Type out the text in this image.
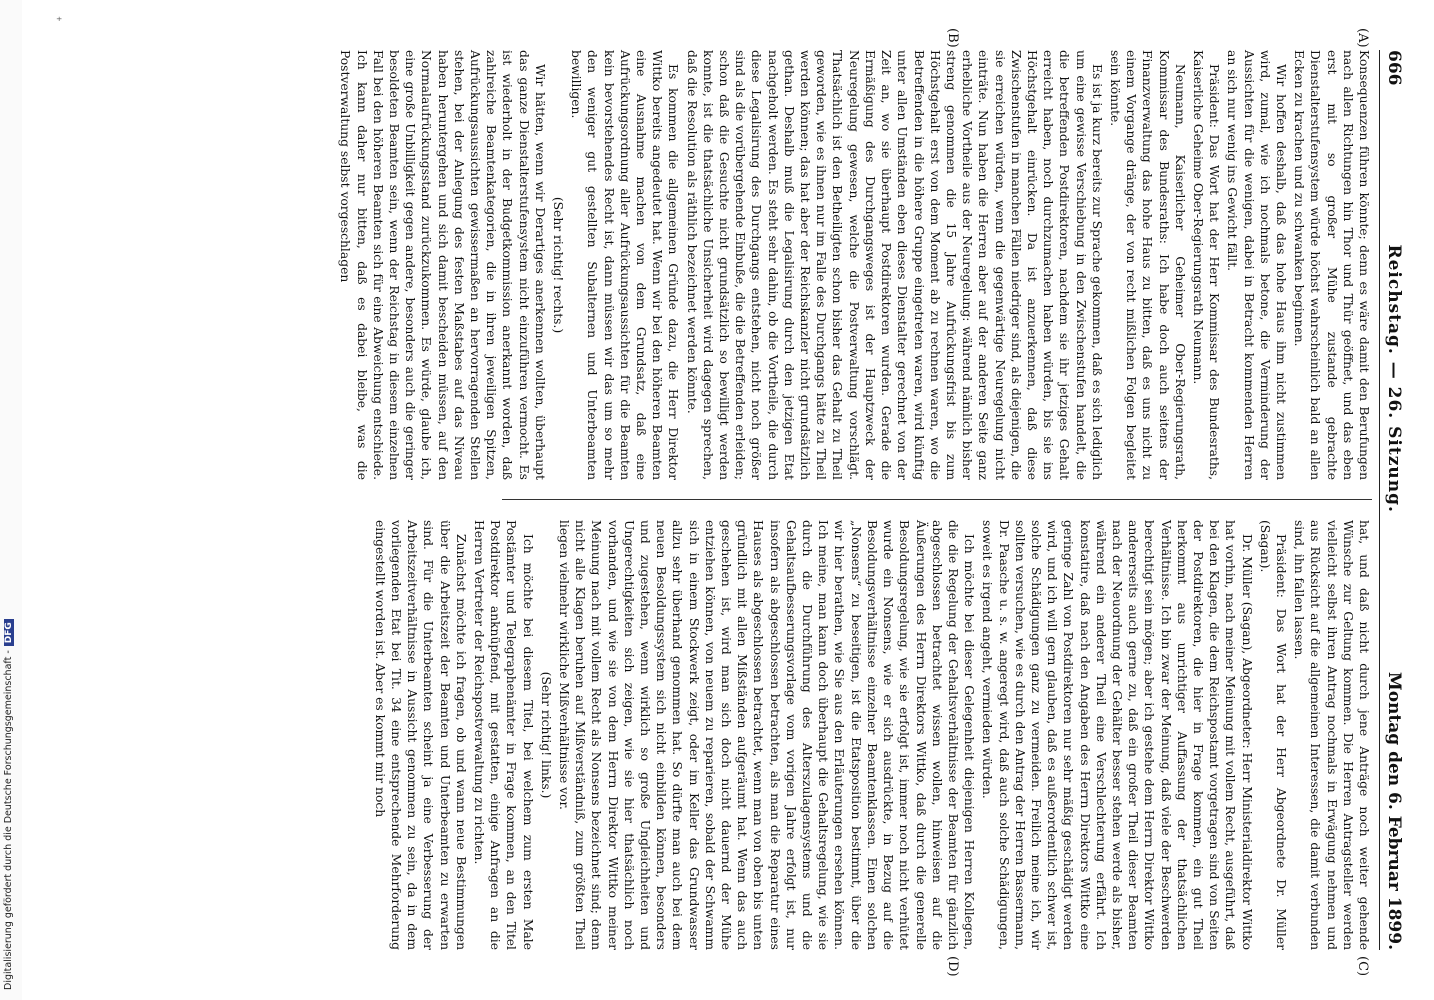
Digitalisierung gefördert durch die Deutsche Forschungsgemeinschaft -DFG
⁺
666
Reichstag. — 26. Sitzung.
Montag den 6. Februar 1899.
(A)
(B)
(C)
(D)

Konsequenzen führen könnte; denn es wäre damit den Berufungen nach allen Richtungen hin Thor und Thür geöffnet, und das eben erst mit so großer Mühe zustande gebrachte Dienstalterstufensystem würde höchst wahrscheinlich bald an allen Ecken zu krachen und zu schwanken beginnen.

Wir hoffen deshalb, daß das hohe Haus ihm nicht zustimmen wird, zumal, wie ich nochmals betone, die Verminderung der Aussichten für die wenigen, dabei in Betracht kommenden Herren an sich nur wenig ins Gewicht fällt.

Präsident: Das Wort hat der Herr Kommissar des Bundesraths, Kaiserliche Geheime Ober-Regierungsrath Neumann.

Neumann, Kaiserlicher Geheimer Ober-Regierungsrath, Kommissar des Bundesraths: Ich habe doch auch seitens der Finanzverwaltung das hohe Haus zu bitten, daß es uns nicht zu einem Vorgange dränge, der von recht mißlichen Folgen begleitet sein könnte.

Es ist ja kurz bereits zur Sprache gekommen, daß es sich lediglich um eine gewisse Verschiebung in den Zwischenstufen handelt, die die betreffenden Postdirektoren, nachdem sie ihr jetziges Gehalt erreicht haben, noch durchzumachen haben würden, bis sie ins Höchstgehalt einrücken. Da ist anzuerkennen, daß diese Zwischenstufen in manchen Fällen niedriger sind, als diejenigen, die sie erreichen würden, wenn die gegenwärtige Neuregelung nicht einträte. Nun haben die Herren aber auf der anderen Seite ganz erhebliche Vortheile aus der Neuregelung: während nämlich bisher streng genommen die 15 Jahre Aufrückungsfrist bis zum Höchstgehalt erst von dem Moment ab zu rechnen waren, wo die Betreffenden in die höhere Gruppe eingetreten waren, wird künftig unter allen Umständen eben dieses Dienstalter gerechnet von der Zeit an, wo sie überhaupt Postdirektoren wurden. Gerade die Ermäßigung des Durchgangsweges ist der Hauptzweck der Neuregelung gewesen, welche die Postverwaltung vorschlägt. Thatsächlich ist den Betheiligten schon bisher das Gehalt zu Theil geworden, wie es ihnen nur im Falle des Durchgangs hätte zu Theil werden können; das hat aber der Reichskanzler nicht grundsätzlich gethan. Deshalb muß die Legalisirung durch den jetzigen Etat nachgeholt werden. Es steht sehr dahin, ob die Vortheile, die durch diese Legalisirung des Durchgangs entstehen, nicht noch größer sind als die vorübergehende Einbuße, die die Betreffenden erleiden; schon daß die Gesuchte nicht grundsätzlich so bewilligt werden konnte, ist die thatsächliche Unsicherheit wird dagegen sprechen, daß die Resolution als räthlich bezeichnet werden könnte.

Es kommen die allgemeinen Gründe dazu, die Herr Direktor Wittko bereits angedeutet hat. Wenn wir bei den höheren Beamten eine Ausnahme machen von dem Grundsatz, daß eine Aufrückungsordnung aller Aufrückungsaussichten für die Beamten kein bevorstehendes Recht ist, dann müssen wir das um so mehr den weniger gut gestellten Subalternen und Unterbeamten bewilligen.

(Sehr richtig! rechts.)

Wir hätten, wenn wir Derartiges anerkennen wollten, überhaupt das ganze Dienstalterstufensystem nicht einzuführen vermocht. Es ist wiederholt in der Budgetkommission anerkannt worden, daß zahlreiche Beamtenkategorien, die in ihren jeweiligen Spitzen, Aufrückungsaussichten gewissermaßen an hervorragenden Stellen stehen, bei der Anlegung des festen Maßstabes auf das Niveau haben heruntergehen und sich damit bescheiden müssen, auf den Normalaufrückungsstand zurückzukommen. Es würde, glaube ich, eine große Unbilligkeit gegen andere, besonders auch die geringer besoldeten Beamten sein, wenn der Reichstag in diesem einzelnen Fall bei den höheren Beamten sich für eine Abweichung entschiede. Ich kann daher nur bitten, daß es dabei bleibe, was die Postverwaltung selbst vorgeschlagen

hat, und daß nicht durch jene Anträge noch weiter gehende Wünsche zur Geltung kommen. Die Herren Antragsteller werden vielleicht selbst ihren Antrag nochmals in Erwägung nehmen und aus Rücksicht auf die allgemeinen Interessen, die damit verbunden sind, ihn fallen lassen.

Präsident: Das Wort hat der Herr Abgeordnete Dr. Müller (Sagan).

Dr. Müller (Sagan), Abgeordneter: Herr Ministerialdirektor Wittko hat vorhin, nach meiner Meinung mit vollem Recht, ausgeführt, daß bei den Klagen, die dem Reichspostamt vorgetragen sind von Seiten der Postdirektoren, die hier in Frage kommen, ein gut Theil herkommt aus unrichtiger Auffassung der thatsächlichen Verhältnisse. Ich bin zwar der Meinung, daß viele der Beschwerden berechtigt sein mögen; aber ich gestehe dem Herrn Direktor Wittko andererseits auch gerne zu, daß ein großer Theil dieser Beamten nach der Neuordnung der Gehälter besser stehen werde als bisher, während ein anderer Theil eine Verschlechterung erfährt. Ich konstatire, daß nach den Angaben des Herrn Direktors Wittko eine geringe Zahl von Postdirektoren nur sehr mäßig geschädigt werden wird, und ich will gern glauben, daß es außerordentlich schwer ist, solche Schädigungen ganz zu vermeiden. Freilich meine ich, wir sollten versuchen, wie es durch den Antrag der Herren Bassermann, Dr. Paasche u. s. w. angeregt wird, daß auch solche Schädigungen, soweit es irgend angeht, vermieden würden.

Ich möchte bei dieser Gelegenheit diejenigen Herren Kollegen, die die Regelung der Gehaltsverhältnisse der Beamten für gänzlich abgeschlossen betrachtet wissen wollen, hinweisen auf die Äußerungen des Herrn Direktors Wittko, daß durch die generelle Besoldungsregelung, wie sie erfolgt ist, immer noch nicht verhütet wurde ein Nonsens, wie er sich ausdrückte, in Bezug auf die Besoldungsverhältnisse einzelner Beamtenklassen. Einen solchen „Nonsens“ zu beseitigen, ist die Etatsposition bestimmt, über die wir hier berathen, wie Sie aus den Erläuterungen ersehen können. Ich meine, man kann doch überhaupt die Gehaltsregelung, wie sie durch die Durchführung des Alterszulagensystems und die Gehaltsaufbesserungsvorlage vom vorigen Jahre erfolgt ist, nur insofern als abgeschlossen betrachten, als man die Reparatur eines Hauses als abgeschlossen betrachtet, wenn man von oben bis unten gründlich mit allen Mißständen aufgeräumt hat. Wenn das auch geschehen ist, wird man sich doch nicht dauernd der Mühe entziehen können, von neuem zu reparieren, sobald der Schwamm sich in einem Stockwerk zeigt, oder im Keller das Grundwasser allzu sehr überhand genommen hat. So dürfte man auch bei dem neuen Besoldungssystem sich nicht einbilden können, besonders und zugestehen, wenn wirklich so große Ungleichheiten und Ungerechtigkeiten sich zeigen, wie sie hier thatsächlich noch vorhanden, und wie sie von dem Herrn Direktor Wittko meiner Meinung nach mit vollem Recht als Nonsens bezeichnet sind; denn nicht alle Klagen beruhen auf Mißverständniß, zum größten Theil liegen vielmehr wirkliche Mißverhältnisse vor.

(Sehr richtig! links.)

Ich möchte bei diesem Titel, bei welchem zum ersten Male Postämter und Telegraphenämter in Frage kommen, an den Titel Postdirektor anknüpfend, mit gestatten, einige Anfragen an die Herren Vertreter der Reichspostverwaltung zu richten.

Zunächst möchte ich fragen, ob und wann neue Bestimmungen über die Arbeitszeit der Beamten und Unterbeamten zu erwarten sind. Für die Unterbeamten scheint ja eine Verbesserung der Arbeitszeitverhältnisse in Aussicht genommen zu sein, da in dem vorliegenden Etat bei Tit. 34 eine entsprechende Mehrforderung eingestellt worden ist. Aber es kommt mir noch
